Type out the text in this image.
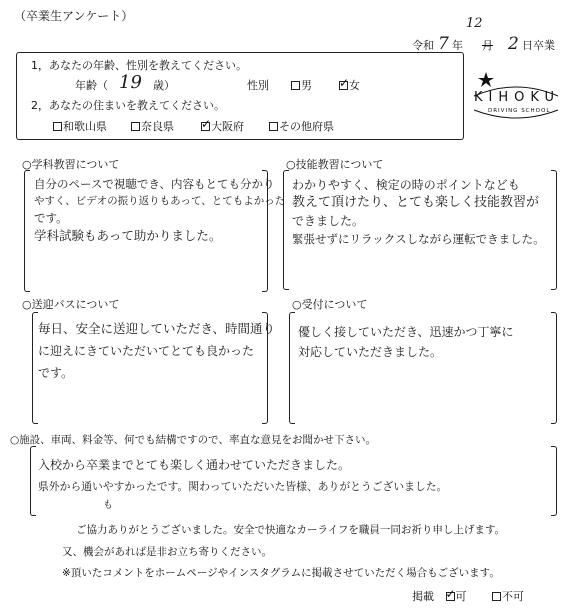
（卒業生アンケート）
令和 7 年
12
月 2 日卒業
1，あなたの年齢、性別を教えてください。
年齢（ 19 歳）	性別	男 ✓ 女
2，あなたの住まいを教えてください。
和歌山県	奈良県 ✓ 大阪府	その他府県
KIHOKU
DRIVING SCHOOL
○学科教習について
自分のペースで視聴でき、内容もとても分かり
やすく、ビデオの振り返りもあって、とてもよかった
です。
学科試験もあって助かりました。
○技能教習について
わかりやすく、検定の時のポイントなども
教えて頂けたり、とても楽しく技能教習が
できました。
緊張せずにリラックスしながら運転できました。
○送迎バスについて
毎日、安全に送迎していただき、時間通り
に迎えにきていただいてとても良かった
です。
○受付について
優しく接していただき、迅速かつ丁寧に
対応していただきました。
○施設、車両、料金等、何でも結構ですので、率直な意見をお聞かせ下さい。
入校から卒業までとても楽しく通わせていただきました。
県外から通いやすかったです。関わっていただいた皆様、ありがとうございました。
も
ご協力ありがとうございました。安全で快適なカーライフを職員一同お祈り申し上げます。
又、機会があれば是非お立ち寄りください。
※頂いたコメントをホームページやインスタグラムに掲載させていただく場合もございます。
掲載 ✓ 可	不可
